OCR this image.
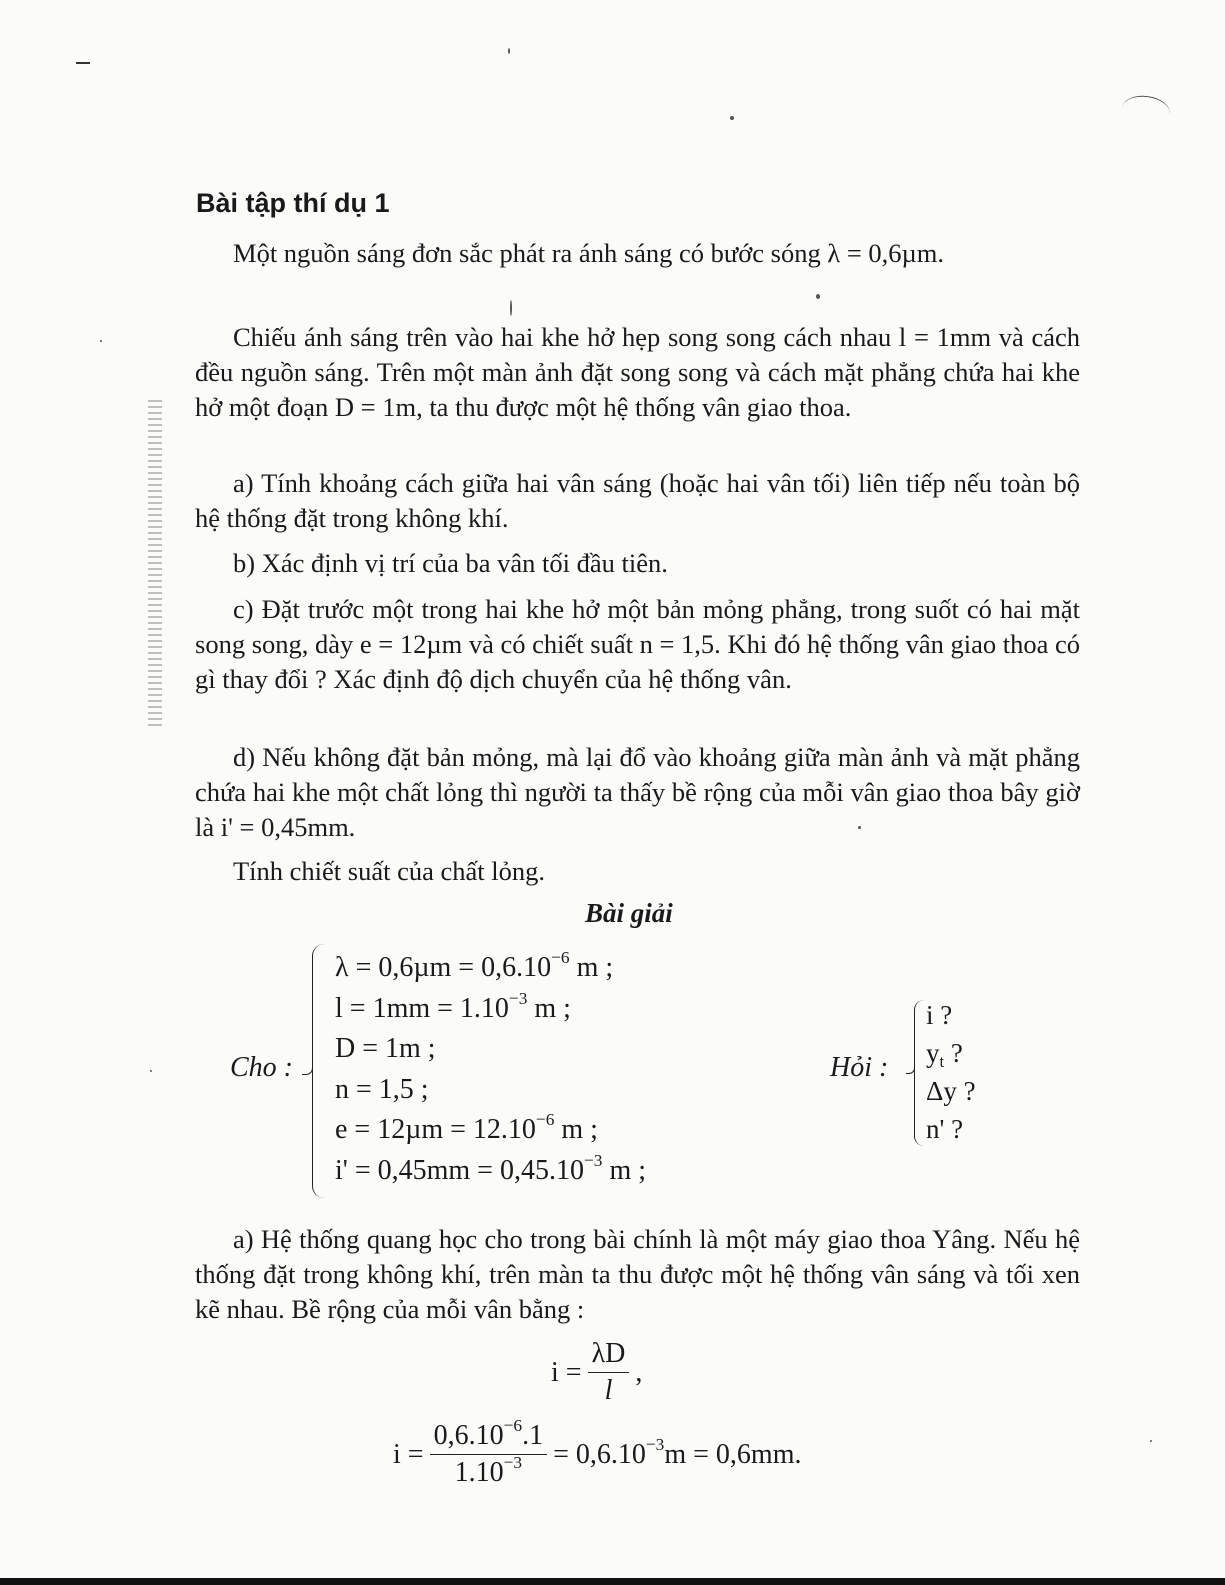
Bài tập thí dụ 1
Một nguồn sáng đơn sắc phát ra ánh sáng có bước sóng λ = 0,6µm.
Chiếu ánh sáng trên vào hai khe hở hẹp song song cách nhau l = 1mm và cách đều nguồn sáng. Trên một màn ảnh đặt song song và cách mặt phẳng chứa hai khe hở một đoạn D = 1m, ta thu được một hệ thống vân giao thoa.
a) Tính khoảng cách giữa hai vân sáng (hoặc hai vân tối) liên tiếp nếu toàn bộ hệ thống đặt trong không khí.
b) Xác định vị trí của ba vân tối đầu tiên.
c) Đặt trước một trong hai khe hở một bản mỏng phẳng, trong suốt có hai mặt song song, dày e = 12µm và có chiết suất n = 1,5. Khi đó hệ thống vân giao thoa có gì thay đổi ? Xác định độ dịch chuyển của hệ thống vân.
d) Nếu không đặt bản mỏng, mà lại đổ vào khoảng giữa màn ảnh và mặt phẳng chứa hai khe một chất lỏng thì người ta thấy bề rộng của mỗi vân giao thoa bây giờ là i' = 0,45mm.
Tính chiết suất của chất lỏng.
Bài giải
Cho :
$\lambda = 0,6\mu m = 0,6.10^{-6}$ m ;
$l = 1mm = 1.10^{-3}$ m ;
D = 1m ;
n = 1,5 ;
$e = 12\mu m = 12.10^{-6}$ m ;
$i' = 0,45mm = 0,45.10^{-3}$ m ;
Hỏi :
i ?
$y_t$ ?
Δy ?
n' ?
a) Hệ thống quang học cho trong bài chính là một máy giao thoa Yâng. Nếu hệ thống đặt trong không khí, trên màn ta thu được một hệ thống vân sáng và tối xen kẽ nhau. Bề rộng của mỗi vân bằng :
$i = \frac{\lambda D}{l}$ ,
$i = \frac{0,6.10^{-6}.1}{1.10^{-3}} = 0,6.10^{-3}m = 0,6mm$.
